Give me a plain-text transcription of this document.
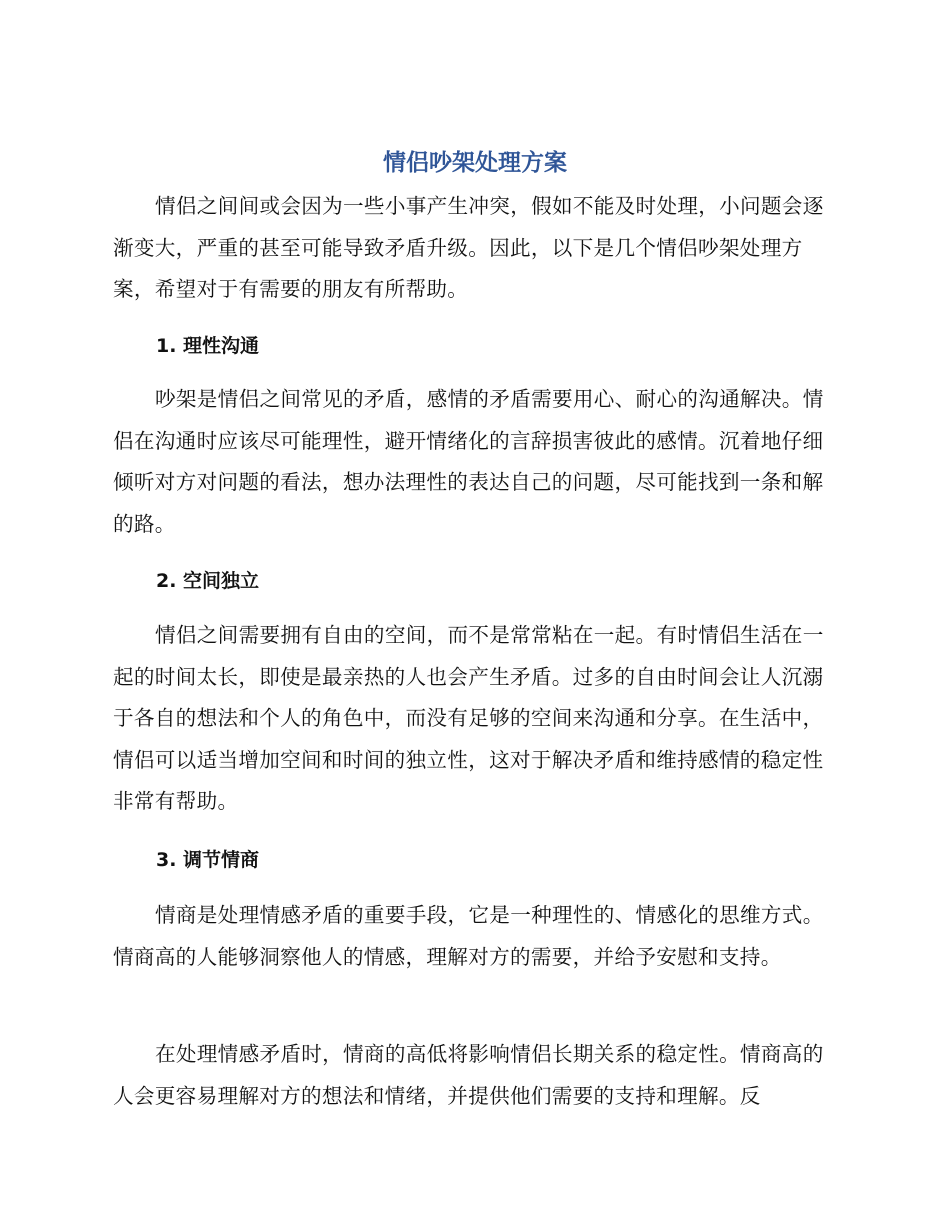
情侣吵架处理方案

情侣之间间或会因为一些小事产生冲突，假如不能及时处理，小问题会逐渐变大，严重的甚至可能导致矛盾升级。因此，以下是几个情侣吵架处理方案，希望对于有需要的朋友有所帮助。

1. 理性沟通

吵架是情侣之间常见的矛盾，感情的矛盾需要用心、耐心的沟通解决。情侣在沟通时应该尽可能理性，避开情绪化的言辞损害彼此的感情。沉着地仔细倾听对方对问题的看法，想办法理性的表达自己的问题，尽可能找到一条和解的路。

2. 空间独立

情侣之间需要拥有自由的空间，而不是常常粘在一起。有时情侣生活在一起的时间太长，即使是最亲热的人也会产生矛盾。过多的自由时间会让人沉溺于各自的想法和个人的角色中，而没有足够的空间来沟通和分享。在生活中，情侣可以适当增加空间和时间的独立性，这对于解决矛盾和维持感情的稳定性非常有帮助。

3. 调节情商

情商是处理情感矛盾的重要手段，它是一种理性的、情感化的思维方式。情商高的人能够洞察他人的情感，理解对方的需要，并给予安慰和支持。

在处理情感矛盾时，情商的高低将影响情侣长期关系的稳定性。情商高的人会更容易理解对方的想法和情绪，并提供他们需要的支持和理解。反
